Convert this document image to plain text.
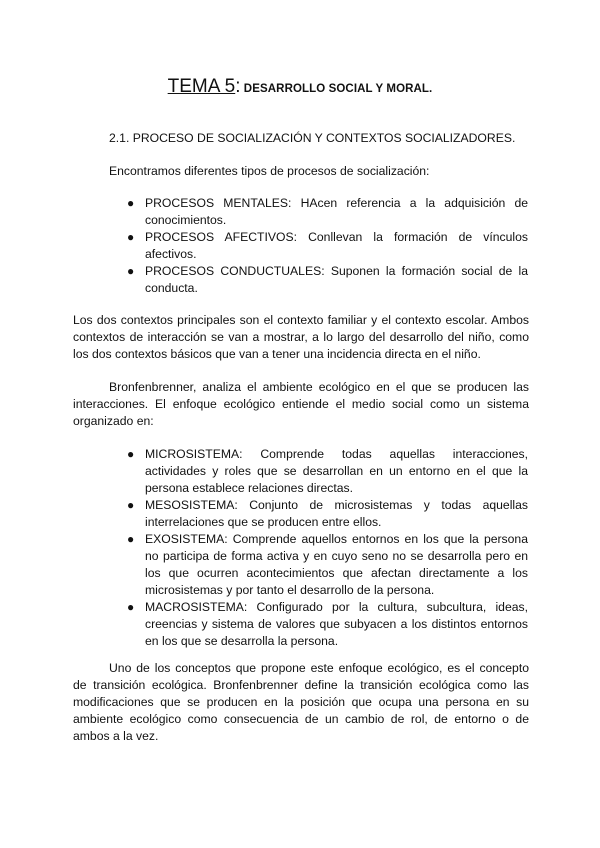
TEMA 5: DESARROLLO SOCIAL Y MORAL.
2.1. PROCESO DE SOCIALIZACIÓN Y CONTEXTOS SOCIALIZADORES.
Encontramos diferentes tipos de procesos de socialización:
● PROCESOS MENTALES: HAcen referencia a la adquisición de conocimientos.
● PROCESOS AFECTIVOS: Conllevan la formación de vínculos afectivos.
● PROCESOS CONDUCTUALES: Suponen la formación social de la conducta.
Los dos contextos principales son el contexto familiar y el contexto escolar. Ambos contextos de interacción se van a mostrar, a lo largo del desarrollo del niño, como los dos contextos básicos que van a tener una incidencia directa en el niño.
Bronfenbrenner, analiza el ambiente ecológico en el que se producen las interacciones. El enfoque ecológico entiende el medio social como un sistema organizado en:
● MICROSISTEMA: Comprende todas aquellas interacciones, actividades y roles que se desarrollan en un entorno en el que la persona establece relaciones directas.
● MESOSISTEMA: Conjunto de microsistemas y todas aquellas interrelaciones que se producen entre ellos.
● EXOSISTEMA: Comprende aquellos entornos en los que la persona no participa de forma activa y en cuyo seno no se desarrolla pero en los que ocurren acontecimientos que afectan directamente a los microsistemas y por tanto el desarrollo de la persona.
● MACROSISTEMA: Configurado por la cultura, subcultura, ideas, creencias y sistema de valores que subyacen a los distintos entornos en los que se desarrolla la persona.
Uno de los conceptos que propone este enfoque ecológico, es el concepto de transición ecológica. Bronfenbrenner define la transición ecológica como las modificaciones que se producen en la posición que ocupa una persona en su ambiente ecológico como consecuencia de un cambio de rol, de entorno o de ambos a la vez.
